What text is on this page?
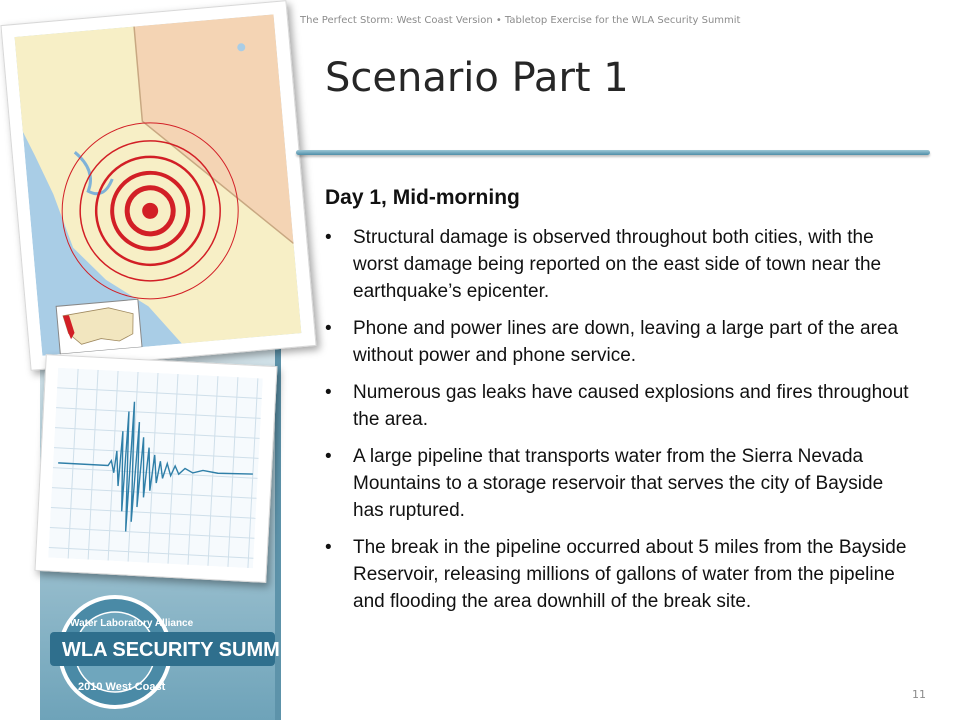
The Perfect Storm: West Coast Version • Tabletop Exercise for the WLA Security Summit
WLA SECURITY SUMMIT
Water Laboratory Alliance
2010 West Coast
Scenario Part 1

Day 1, Mid-morning

• Structural damage is observed throughout both cities, with the worst damage being reported on the east side of town near the earthquake’s epicenter.
• Phone and power lines are down, leaving a large part of the area without power and phone service.
• Numerous gas leaks have caused explosions and fires throughout the area.
• A large pipeline that transports water from the Sierra Nevada Mountains to a storage reservoir that serves the city of Bayside has ruptured.
• The break in the pipeline occurred about 5 miles from the Bayside Reservoir, releasing millions of gallons of water from the pipeline and flooding the area downhill of the break site.
11
